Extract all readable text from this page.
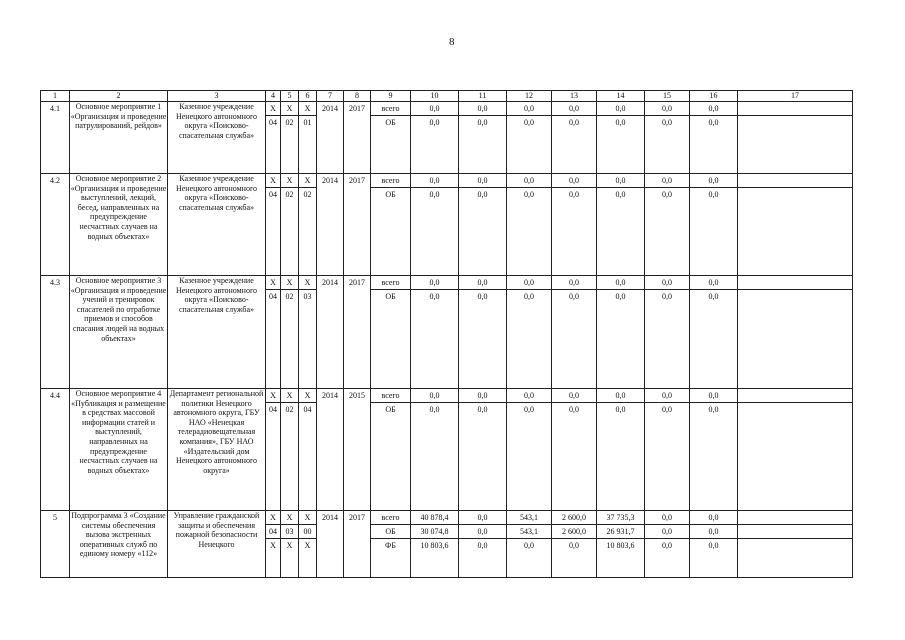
8
1	2	3	4	5	6	7	8	9	10	11	12	13	14	15	16	17
4.1	Основное мероприятие 1 «Организация и проведение патрулирований, рейдов»	Казенное учреждение Ненецкого автономного округа «Поисково-спасательная служба»	Х	Х	Х	2014	2017	всего	0,0	0,0	0,0	0,0	0,0	0,0	0,0	
			04	02	01			ОБ	0,0	0,0	0,0	0,0	0,0	0,0	0,0	
4.2	Основное мероприятие 2 «Организация и проведение выступлений, лекций, бесед, направленных на предупреждение несчастных случаев на водных объектах»	Казенное учреждение Ненецкого автономного округа «Поисково-спасательная служба»	Х	Х	Х	2014	2017	всего	0,0	0,0	0,0	0,0	0,0	0,0	0,0	
			04	02	02			ОБ	0,0	0,0	0,0	0,0	0,0	0,0	0,0	
4.3	Основное мероприятие 3 «Организация и проведение учений и тренировок спасателей по отработке приемов и способов спасания людей на водных объектах»	Казенное учреждение Ненецкого автономного округа «Поисково-спасательная служба»	Х	Х	Х	2014	2017	всего	0,0	0,0	0,0	0,0	0,0	0,0	0,0	
			04	02	03			ОБ	0,0	0,0	0,0	0,0	0,0	0,0	0,0	
4.4	Основное мероприятие 4 «Публикация и размещение в средствах массовой информации статей и выступлений, направленных на предупреждение несчастных случаев на водных объектах»	Департамент региональной политики Ненецкого автономного округа, ГБУ НАО «Ненецкая телерадиовещательная компания», ГБУ НАО «Издательский дом Ненецкого автономного округа»	Х	Х	Х	2014	2015	всего	0,0	0,0	0,0	0,0	0,0	0,0	0,0	
			04	02	04			ОБ	0,0	0,0	0,0	0,0	0,0	0,0	0,0	
5	Подпрограмма 3 «Создание системы обеспечения вызова экстренных оперативных служб по единому номеру «112»	Управление гражданской защиты и обеспечения пожарной безопасности Ненецкого	Х	Х	Х	2014	2017	всего	40 878,4	0,0	543,1	2 600,0	37 735,3	0,0	0,0	
			04	03	00			ОБ	30 074,8	0,0	543,1	2 600,0	26 931,7	0,0	0,0	
			Х	Х	Х			ФБ	10 803,6	0,0	0,0	0,0	10 803,6	0,0	0,0	
